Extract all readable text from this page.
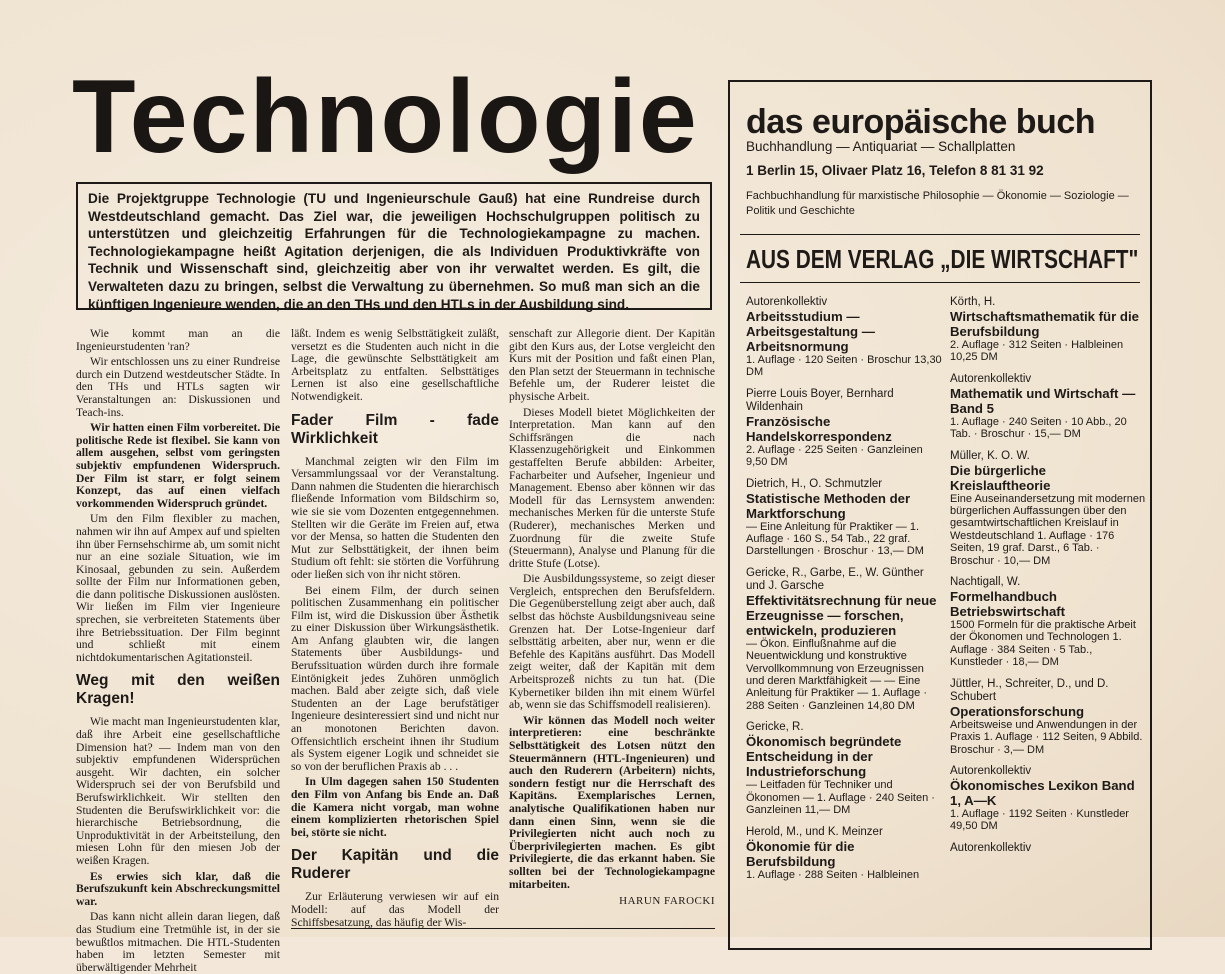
Technologie
Die Projektgruppe Technologie (TU und Ingenieurschule Gauß) hat eine Rundreise durch Westdeutschland gemacht. Das Ziel war, die jeweiligen Hochschulgruppen politisch zu unterstützen und gleichzeitig Erfahrungen für die Technologiekampagne zu machen. Technologiekampagne heißt Agitation derjenigen, die als Individuen Produktivkräfte von Technik und Wissenschaft sind, gleichzeitig aber von ihr verwaltet werden. Es gilt, die Verwalteten dazu zu bringen, selbst die Verwaltung zu übernehmen. So muß man sich an die künftigen Ingenieure wenden, die an den THs und den HTLs in der Ausbildung sind.

Wie kommt man an die Ingenieurstudenten 'ran?

Wir entschlossen uns zu einer Rundreise durch ein Dutzend westdeutscher Städte. In den THs und HTLs sagten wir Veranstaltungen an: Diskussionen und Teach-ins.

Wir hatten einen Film vorbereitet. Die politische Rede ist flexibel. Sie kann von allem ausgehen, selbst vom geringsten subjektiv empfundenen Widerspruch. Der Film ist starr, er folgt seinem Konzept, das auf einen vielfach vorkommenden Widerspruch gründet.

Um den Film flexibler zu machen, nahmen wir ihn auf Ampex auf und spielten ihn über Fernsehschirme ab, um somit nicht nur an eine soziale Situation, wie im Kinosaal, gebunden zu sein. Außerdem sollte der Film nur Informationen geben, die dann politische Diskussionen auslösten. Wir ließen im Film vier Ingenieure sprechen, sie verbreiteten Statements über ihre Betriebssituation. Der Film beginnt und schließt mit einem nichtdokumentarischen Agitationsteil.

Weg mit den weißen Kragen!

Wie macht man Ingenieurstudenten klar, daß ihre Arbeit eine gesellschaftliche Dimension hat? — Indem man von den subjektiv empfundenen Widersprüchen ausgeht. Wir dachten, ein solcher Widerspruch sei der von Berufsbild und Berufswirklichkeit. Wir stellten den Studenten die Berufswirklichkeit vor: die hierarchische Betriebsordnung, die Unproduktivität in der Arbeitsteilung, den miesen Lohn für den miesen Job der weißen Kragen.

Es erwies sich klar, daß die Berufszukunft kein Abschreckungsmittel war.

Das kann nicht allein daran liegen, daß das Studium eine Tretmühle ist, in der sie bewußtlos mitmachen. Die HTL-Studenten haben im letzten Semester mit überwältigender Mehrheit

läßt. Indem es wenig Selbsttätigkeit zuläßt, versetzt es die Studenten auch nicht in die Lage, die gewünschte Selbsttätigkeit am Arbeitsplatz zu entfalten. Selbsttätiges Lernen ist also eine gesellschaftliche Notwendigkeit.

Fader Film - fade Wirklichkeit

Manchmal zeigten wir den Film im Versammlungssaal vor der Veranstaltung. Dann nahmen die Studenten die hierarchisch fließende Information vom Bildschirm so, wie sie sie vom Dozenten entgegennehmen. Stellten wir die Geräte im Freien auf, etwa vor der Mensa, so hatten die Studenten den Mut zur Selbsttätigkeit, der ihnen beim Studium oft fehlt: sie störten die Vorführung oder ließen sich von ihr nicht stören.

Bei einem Film, der durch seinen politischen Zusammenhang ein politischer Film ist, wird die Diskussion über Ästhetik zu einer Diskussion über Wirkungsästhetik. Am Anfang glaubten wir, die langen Statements über Ausbildungs- und Berufssituation würden durch ihre formale Eintönigkeit jedes Zuhören unmöglich machen. Bald aber zeigte sich, daß viele Studenten an der Lage berufstätiger Ingenieure desinteressiert sind und nicht nur an monotonen Berichten davon. Offensichtlich erscheint ihnen ihr Studium als System eigener Logik und schneidet sie so von der beruflichen Praxis ab . . .

In Ulm dagegen sahen 150 Studenten den Film von Anfang bis Ende an. Daß die Kamera nicht vorgab, man wohne einem komplizierten rhetorischen Spiel bei, störte sie nicht.

Der Kapitän und die Ruderer

Zur Erläuterung verwiesen wir auf ein Modell: auf das Modell der Schiffsbesatzung, das häufig der Wis-

senschaft zur Allegorie dient. Der Kapitän gibt den Kurs aus, der Lotse vergleicht den Kurs mit der Position und faßt einen Plan, den Plan setzt der Steuermann in technische Befehle um, der Ruderer leistet die physische Arbeit.

Dieses Modell bietet Möglichkeiten der Interpretation. Man kann auf den Schiffsrängen die nach Klassenzugehörigkeit und Einkommen gestaffelten Berufe abbilden: Arbeiter, Facharbeiter und Aufseher, Ingenieur und Management. Ebenso aber können wir das Modell für das Lernsystem anwenden: mechanisches Merken für die unterste Stufe (Ruderer), mechanisches Merken und Zuordnung für die zweite Stufe (Steuermann), Analyse und Planung für die dritte Stufe (Lotse).

Die Ausbildungssysteme, so zeigt dieser Vergleich, entsprechen den Berufsfeldern. Die Gegenüberstellung zeigt aber auch, daß selbst das höchste Ausbildungsniveau seine Grenzen hat. Der Lotse-Ingenieur darf selbsttätig arbeiten, aber nur, wenn er die Befehle des Kapitäns ausführt. Das Modell zeigt weiter, daß der Kapitän mit dem Arbeitsprozeß nichts zu tun hat. (Die Kybernetiker bilden ihn mit einem Würfel ab, wenn sie das Schiffsmodell realisieren).

Wir können das Modell noch weiter interpretieren: eine beschränkte Selbsttätigkeit des Lotsen nützt den Steuermännern (HTL-Ingenieuren) und auch den Ruderern (Arbeitern) nichts, sondern festigt nur die Herrschaft des Kapitäns. Exemplarisches Lernen, analytische Qualifikationen haben nur dann einen Sinn, wenn sie die Privilegierten nicht auch noch zu Überprivilegierten machen. Es gibt Privilegierte, die das erkannt haben. Sie sollten bei der Technologiekampagne mitarbeiten.

HARUN FAROCKI
das europäische buch
Buchhandlung — Antiquariat — Schallplatten
1 Berlin 15, Olivaer Platz 16, Telefon 8 81 31 92
Fachbuchhandlung für marxistische Philosophie — Ökonomie — Soziologie — Politik und Geschichte
AUS DEM VERLAG „DIE WIRTSCHAFT"
Autorenkollektiv
Arbeitsstudium — Arbeitsgestaltung — Arbeitsnormung
1. Auflage · 120 Seiten · Broschur 13,30 DM
Pierre Louis Boyer, Bernhard Wildenhain
Französische Handelskorrespondenz
2. Auflage · 225 Seiten · Ganzleinen 9,50 DM
Dietrich, H., O. Schmutzler
Statistische Methoden der Marktforschung
— Eine Anleitung für Praktiker — 1. Auflage · 160 S., 54 Tab., 22 graf. Darstellungen · Broschur · 13,— DM
Gericke, R., Garbe, E., W. Günther und J. Garsche
Effektivitätsrechnung für neue Erzeugnisse — forschen, entwickeln, produzieren
— Ökon. Einflußnahme auf die Neuentwicklung und konstruktive Vervollkommnung von Erzeugnissen und deren Marktfähigkeit — — Eine Anleitung für Praktiker — 1. Auflage · 288 Seiten · Ganzleinen 14,80 DM
Gericke, R.
Ökonomisch begründete Entscheidung in der Industrieforschung
— Leitfaden für Techniker und Ökonomen — 1. Auflage · 240 Seiten · Ganzleinen 11,— DM
Herold, M., und K. Meinzer
Ökonomie für die Berufsbildung
1. Auflage · 288 Seiten · Halbleinen
Körth, H.
Wirtschaftsmathematik für die Berufsbildung
2. Auflage · 312 Seiten · Halbleinen 10,25 DM
Autorenkollektiv
Mathematik und Wirtschaft — Band 5
1. Auflage · 240 Seiten · 10 Abb., 20 Tab. · Broschur · 15,— DM
Müller, K. O. W.
Die bürgerliche Kreislauftheorie
Eine Auseinandersetzung mit modernen bürgerlichen Auffassungen über den gesamtwirtschaftlichen Kreislauf in Westdeutschland 1. Auflage · 176 Seiten, 19 graf. Darst., 6 Tab. · Broschur · 10,— DM
Nachtigall, W.
Formelhandbuch Betriebswirtschaft
1500 Formeln für die praktische Arbeit der Ökonomen und Technologen 1. Auflage · 384 Seiten · 5 Tab., Kunstleder · 18,— DM
Jüttler, H., Schreiter, D., und D. Schubert
Operationsforschung
Arbeitsweise und Anwendungen in der Praxis 1. Auflage · 112 Seiten, 9 Abbild. Broschur · 3,— DM
Autorenkollektiv
Ökonomisches Lexikon Band 1, A—K
1. Auflage · 1192 Seiten · Kunstleder 49,50 DM
Autorenkollektiv
